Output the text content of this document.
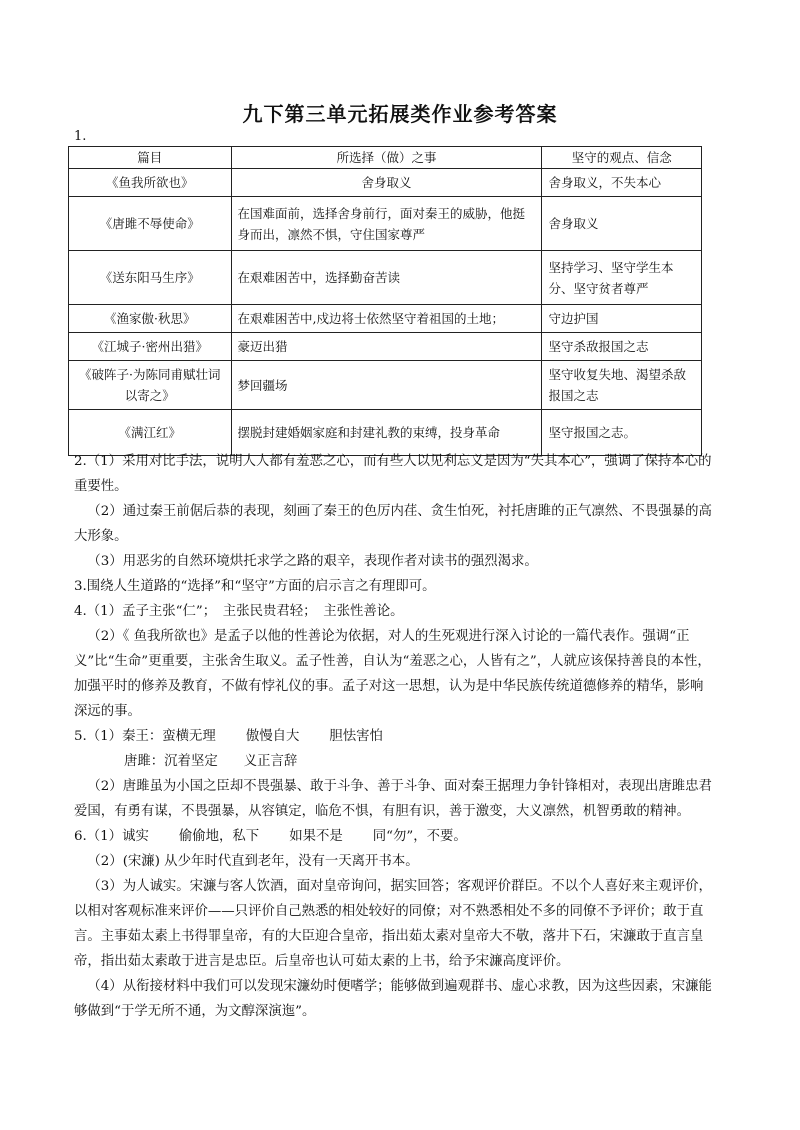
九下第三单元拓展类作业参考答案
1.
篇目	所选择（做）之事	坚守的观点、信念
《鱼我所欲也》	舍身取义	舍身取义，不失本心
《唐雎不辱使命》	在国难面前，选择舍身前行，面对秦王的威胁，他挺身而出，凛然不惧，守住国家尊严	舍身取义
《送东阳马生序》	在艰难困苦中，选择勤奋苦读	坚持学习、坚守学生本分、坚守贫者尊严
《渔家傲·秋思》	在艰难困苦中,戍边将士依然坚守着祖国的土地；	守边护国
《江城子·密州出猎》	豪迈出猎	坚守杀敌报国之志
《破阵子·为陈同甫赋壮词以寄之》	梦回疆场	坚守收复失地、渴望杀敌报国之志
《满江红》	摆脱封建婚姻家庭和封建礼教的束缚，投身革命	坚守报国之志。

2.（1）采用对比手法，说明人人都有羞恶之心，而有些人以见利忘义是因为“失其本心”，强调了保持本心的重要性。

（2）通过秦王前倨后恭的表现，刻画了秦王的色厉内荏、贪生怕死，衬托唐雎的正气凛然、不畏强暴的高大形象。

（3）用恶劣的自然环境烘托求学之路的艰辛，表现作者对读书的强烈渴求。

3.围绕人生道路的“选择”和“坚守”方面的启示言之有理即可。

4.（1）孟子主张“仁”；　主张民贵君轻；　主张性善论。

（2）《 鱼我所欲也》是孟子以他的性善论为依据，对人的生死观进行深入讨论的一篇代表作。强调“正义”比“生命”更重要，主张舍生取义。孟子性善，自认为“羞恶之心，人皆有之”，人就应该保持善良的本性，加强平时的修养及教育，不做有悖礼仪的事。孟子对这一思想，认为是中华民族传统道德修养的精华，影响深远的事。

5.（1）秦王：蛮横无理 傲慢自大 胆怯害怕

唐雎：沉着坚定 义正言辞

（2）唐雎虽为小国之臣却不畏强暴、敢于斗争、善于斗争、面对秦王据理力争针锋相对，表现出唐雎忠君爱国，有勇有谋，不畏强暴，从容镇定，临危不惧，有胆有识，善于激变，大义凛然，机智勇敢的精神。

6.（1）诚实 偷偷地，私下 如果不是 同“勿”，不要。

（2）(宋濂) 从少年时代直到老年，没有一天离开书本。

（3）为人诚实。宋濂与客人饮酒，面对皇帝询问，据实回答；客观评价群臣。不以个人喜好来主观评价，以相对客观标准来评价——只评价自己熟悉的相处较好的同僚；对不熟悉相处不多的同僚不予评价；敢于直言。主事茹太素上书得罪皇帝，有的大臣迎合皇帝，指出茹太素对皇帝大不敬，落井下石，宋濂敢于直言皇帝，指出茹太素敢于进言是忠臣。后皇帝也认可茹太素的上书，给予宋濂高度评价。

（4）从衔接材料中我们可以发现宋濂幼时便嗜学；能够做到遍观群书、虚心求教，因为这些因素，宋濂能够做到“于学无所不通，为文醇深演迤”。
